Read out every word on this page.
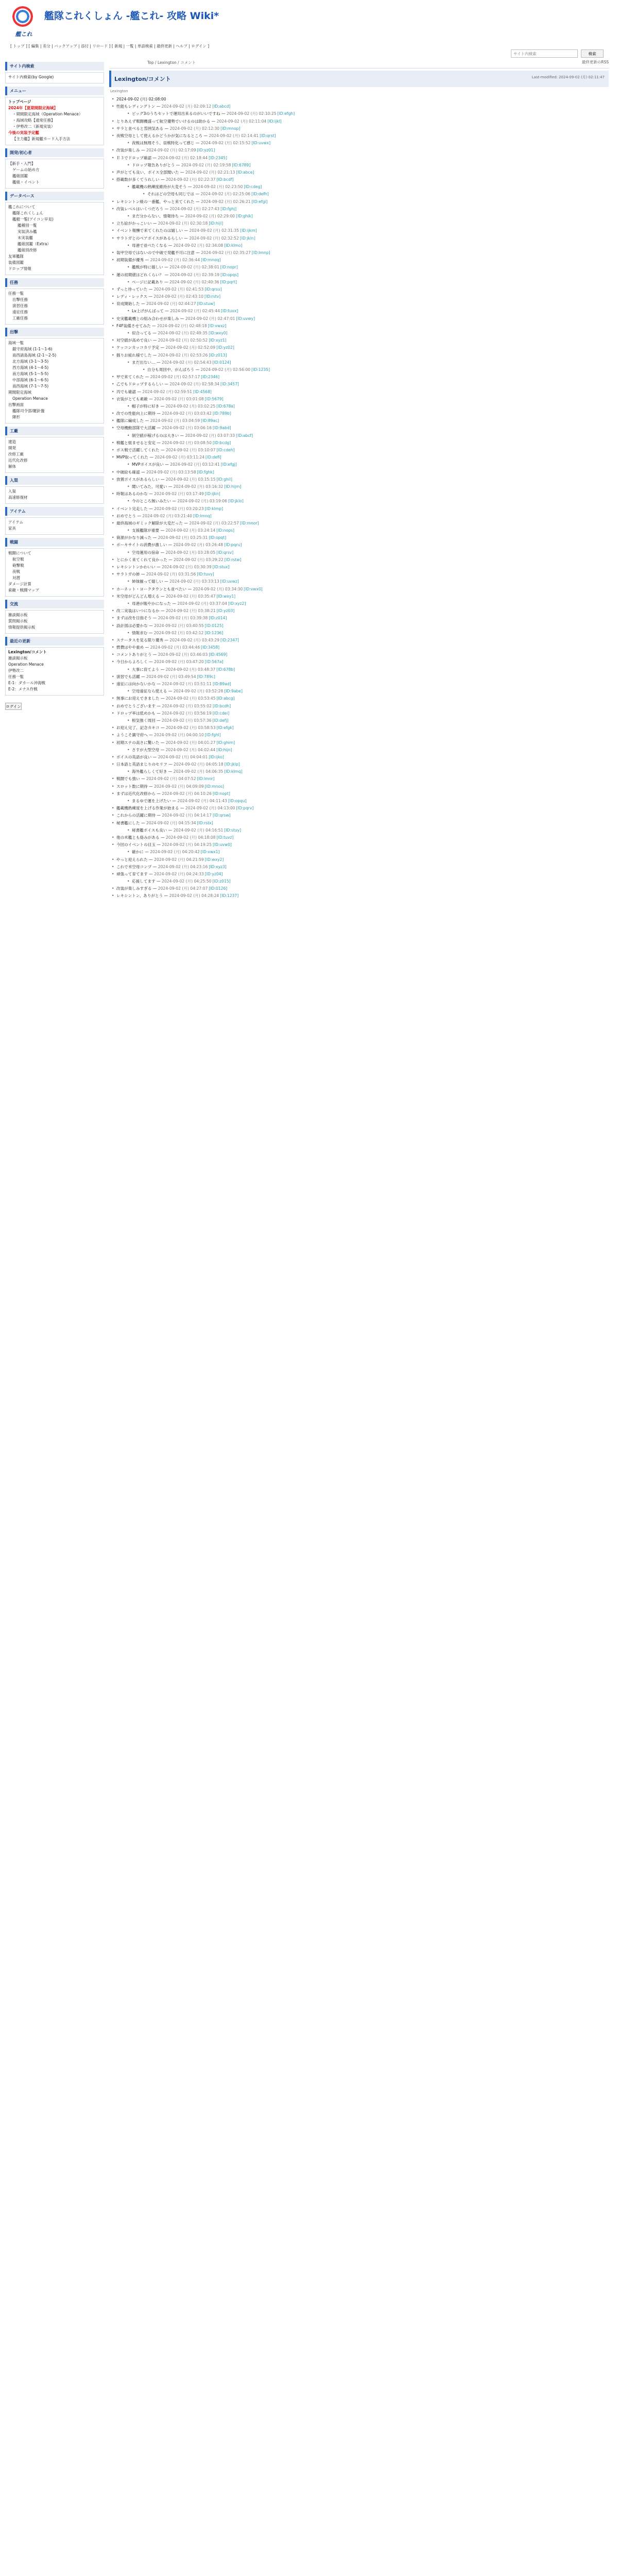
艦これ
艦隊これくしょん -艦これ- 攻略 Wiki*
[ トップ ] [ 編集 | 差分 | バックアップ | 添付 | リロード ] [ 新規 | 一覧 | 単語検索 | 最終更新 | ヘルプ | ログイン ]
サイト内検索
検索
サイト内検索
サイト内検索(by Google)
メニュー
トップページ
2024年【夏期間限定海域】
・期間限定海域（Operation Menace）
・海域攻略【通常任務】
・伊勢改二（新規実装）
今後の実装予定艦
【主力艦】新規艦カード入手方法
開発/初心者
【新手・入門】
ゲームの始め方
艦娘図鑑
艦娘・イベント
データベース
艦これについて
艦隊これくしょん
艦艇一覧(アイコン早見)
艦種別一覧
実装済み艦
未実装艦
艦娘図鑑（Extra）
艦娘別改修
友軍艦隊
装備図鑑
ドロップ情報
任務
任務一覧
出撃任務
演習任務
遠征任務
工廠任務
出撃
海域一覧
鎮守府海域 (1-1〜1-6)
南西諸島海域 (2-1〜2-5)
北方海域 (3-1〜3-5)
西方海域 (4-1〜4-5)
南方海域 (5-1〜5-5)
中部海域 (6-1〜6-5)
南西海域 (7-1〜7-5)
期間限定海域
Operation Menace
出撃画面
艦隊司令部/羅針盤
陣形
工廠
建造
開発
改修工廠
近代化改修
解体
入渠
入渠
高速修復材
アイテム
アイテム
家具
戦闘
戦闘について
航空戦
砲撃戦
夜戦
対潜
ダメージ計算
索敵・戦闘マップ
交流
雑談掲示板
質問掲示板
情報提供掲示板
最近の更新
Lexington/コメント
雑談掲示板
Operation Menace
伊勢改二
任務一覧
E-1：ダカール沖海戦
E-2：メナス作戦
ログイン
Top / Lexington / コメント	最終更新のRSS
Lexington/コメント	Last-modified: 2024-09-02 (月) 02:11:47
Lexington
• 2024-09-02 (月) 02:08:00
• 性能もレディングトン — 2024-09-02 (月) 02:09:12 [ID:abcd]
• ビッグ3のうちセットで運用出来るのがいいですね — 2024-09-02 (月) 02:10:25 [ID:efgh]
• とりあえず戦闘機盛って航空優勢でいけるのは助かる — 2024-09-02 (月) 02:11:04 [ID:ijkl]
• サラと並べると雰囲気ある — 2024-09-02 (月) 02:12:30 [ID:mnop]
• 夜戦空母として使えるかどうかが気になるところ — 2024-09-02 (月) 02:14:41 [ID:qrst]
• 夜戦は無理そう、昼戦特化って感じ — 2024-09-02 (月) 02:15:52 [ID:uvwx]
• 改装が楽しみ — 2024-09-02 (月) 02:17:09 [ID:yz01]
• Ｅ３でドロップ確認 — 2024-09-02 (月) 02:18:44 [ID:2345]
• ドロップ報告ありがとう — 2024-09-02 (月) 02:19:58 [ID:6789]
• 声がとても良い、ボイス全部聞いた — 2024-09-02 (月) 02:21:13 [ID:abce]
• 搭載数が多くてうれしい — 2024-09-02 (月) 02:22:37 [ID:bcdf]
• 艦載機の熟練度維持が大変そう — 2024-09-02 (月) 02:23:50 [ID:cdeg]
• それはどの空母も同じでは — 2024-09-02 (月) 02:25:06 [ID:defh]
• レキシントン級の一番艦、やっと来てくれた — 2024-09-02 (月) 02:26:21 [ID:efgi]
• 改装レベルはいくつだろう — 2024-09-02 (月) 02:27:43 [ID:fghj]
• まだ分からない、情報待ち — 2024-09-02 (月) 02:29:00 [ID:ghik]
• 立ち絵がかっこいい — 2024-09-02 (月) 02:30:18 [ID:hijl]
• イベント報酬で来てくれたのは嬉しい — 2024-09-02 (月) 02:31:35 [ID:ijkm]
• サラトガとのペアボイスがあるらしい — 2024-09-02 (月) 02:32:52 [ID:jkln]
• 母港で並べたくなる — 2024-09-02 (月) 02:34:08 [ID:klmo]
• 装甲空母ではないので中破で発艦不可に注意 — 2024-09-02 (月) 02:35:27 [ID:lmnp]
• 初期装備が優秀 — 2024-09-02 (月) 02:36:44 [ID:mnoq]
• 艦戦が特に嬉しい — 2024-09-02 (月) 02:38:01 [ID:nopr]
• 運の初期値はどれくらい？ — 2024-09-02 (月) 02:39:19 [ID:opqs]
• ページに記載あり — 2024-09-02 (月) 02:40:36 [ID:pqrt]
• ずっと待っていた — 2024-09-02 (月) 02:41:53 [ID:qrsu]
• レディ・レックス — 2024-09-02 (月) 02:43:10 [ID:rstv]
• 育成開始した — 2024-09-02 (月) 02:44:27 [ID:stuw]
• Lv上げがんばって — 2024-09-02 (月) 02:45:44 [ID:tuvx]
• 史実艦載機との組み合わせが楽しみ — 2024-09-02 (月) 02:47:01 [ID:uvwy]
• F4F装備させてみた — 2024-09-02 (月) 02:48:18 [ID:vwxz]
• 似合ってる — 2024-09-02 (月) 02:49:35 [ID:wxy0]
• 対空値が高めで良い — 2024-09-02 (月) 02:50:52 [ID:xyz1]
• ケッコンカッコカリ予定 — 2024-09-02 (月) 02:52:09 [ID:yz02]
• 掘りお疲れ様でした — 2024-09-02 (月) 02:53:26 [ID:z013]
• まだ出ない… — 2024-09-02 (月) 02:54:43 [ID:0124]
• 自分も周回中、がんばろう — 2024-09-02 (月) 02:56:00 [ID:1235]
• 甲で来てくれた — 2024-09-02 (月) 02:57:17 [ID:2346]
• 乙でもドロップするらしい — 2024-09-02 (月) 02:58:34 [ID:3457]
• 丙でも確認 — 2024-09-02 (月) 02:59:51 [ID:4568]
• 衣装がとても素敵 — 2024-09-02 (月) 03:01:08 [ID:5679]
• 帽子が特に好き — 2024-09-02 (月) 03:02:25 [ID:678a]
• 改での性能向上に期待 — 2024-09-02 (月) 03:03:42 [ID:789b]
• 艦隊に編成した — 2024-09-02 (月) 03:04:59 [ID:89ac]
• 空母機動部隊で大活躍 — 2024-09-02 (月) 03:06:16 [ID:9abd]
• 制空値が稼げるのは大きい — 2024-09-02 (月) 03:07:33 [ID:abcf]
• 戦艦と組ませると安定 — 2024-09-02 (月) 03:08:50 [ID:bcdg]
• ボス戦で活躍してくれた — 2024-09-02 (月) 03:10:07 [ID:cdeh]
• MVP取ってくれた — 2024-09-02 (月) 03:11:24 [ID:defi]
• MVPボイスが良い — 2024-09-02 (月) 03:12:41 [ID:efgj]
• 中破絵も確認 — 2024-09-02 (月) 03:13:58 [ID:fghk]
• 放置ボイスがあるらしい — 2024-09-02 (月) 03:15:15 [ID:ghil]
• 聞いてみた、可愛い — 2024-09-02 (月) 03:16:32 [ID:hijm]
• 時報はあるのかな — 2024-09-02 (月) 03:17:49 [ID:ijkn]
• 今のところ無いみたい — 2024-09-02 (月) 03:19:06 [ID:jklo]
• イベント完走した — 2024-09-02 (月) 03:20:23 [ID:klmp]
• おめでとう — 2024-09-02 (月) 03:21:40 [ID:lmnq]
• 最終海域のギミック解除が大変だった — 2024-09-02 (月) 03:22:57 [ID:mnor]
• 支援艦隊が重要 — 2024-09-02 (月) 03:24:14 [ID:nops]
• 資源がかなり減った — 2024-09-02 (月) 03:25:31 [ID:opqt]
• ボーキサイトの消費が激しい — 2024-09-02 (月) 03:26:48 [ID:pqru]
• 空母運用の宿命 — 2024-09-02 (月) 03:28:05 [ID:qrsv]
• とにかく来てくれて良かった — 2024-09-02 (月) 03:29:22 [ID:rstw]
• レキシントンかわいい — 2024-09-02 (月) 03:30:39 [ID:stux]
• サラトガの姉 — 2024-09-02 (月) 03:31:56 [ID:tuvy]
• 姉妹揃って嬉しい — 2024-09-02 (月) 03:33:13 [ID:uvwz]
• ホーネット・ヨークタウンとも並べたい — 2024-09-02 (月) 03:34:30 [ID:vwx0]
• 米空母がどんどん増える — 2024-09-02 (月) 03:35:47 [ID:wxy1]
• 母港が賑やかになった — 2024-09-02 (月) 03:37:04 [ID:xyz2]
• 改二実装はいつになるか — 2024-09-02 (月) 03:38:21 [ID:yz03]
• まずは改を目指そう — 2024-09-02 (月) 03:39:38 [ID:z014]
• 設計図は必要かな — 2024-09-02 (月) 03:40:55 [ID:0125]
• 情報求む — 2024-09-02 (月) 03:42:12 [ID:1236]
• ステータスを見る限り優秀 — 2024-09-02 (月) 03:43:29 [ID:2347]
• 燃費はやや重め — 2024-09-02 (月) 03:44:46 [ID:3458]
• コメントありがとう — 2024-09-02 (月) 03:46:03 [ID:4569]
• 今日からよろしく — 2024-09-02 (月) 03:47:20 [ID:567a]
• 大事に育てよう — 2024-09-02 (月) 03:48:37 [ID:678b]
• 演習でも活躍 — 2024-09-02 (月) 03:49:54 [ID:789c]
• 遠征には向かないかな — 2024-09-02 (月) 03:51:11 [ID:89ad]
• 空母遠征なら使える — 2024-09-02 (月) 03:52:28 [ID:9abe]
• 無事にお迎えできました — 2024-09-02 (月) 03:53:45 [ID:abcg]
• おめでとうございます — 2024-09-02 (月) 03:55:02 [ID:bcdh]
• ドロップ率は低めかも — 2024-09-02 (月) 03:56:19 [ID:cdei]
• 根気強く周回 — 2024-09-02 (月) 03:57:36 [ID:defj]
• お迎え完了、記念カキコ — 2024-09-02 (月) 03:58:53 [ID:efgk]
• ようこそ鎮守府へ — 2024-09-02 (月) 04:00:10 [ID:fghl]
• 初期ステの高さに驚いた — 2024-09-02 (月) 04:01:27 [ID:ghim]
• さすが大型空母 — 2024-09-02 (月) 04:02:44 [ID:hijn]
• ボイスの英語が良い — 2024-09-02 (月) 04:04:01 [ID:ijko]
• 日本語と英語まじりのセリフ — 2024-09-02 (月) 04:05:18 [ID:jklp]
• 海外艦らしくて好き — 2024-09-02 (月) 04:06:35 [ID:klmq]
• 戦闘でも強い — 2024-09-02 (月) 04:07:52 [ID:lmnr]
• スロット数に期待 — 2024-09-02 (月) 04:09:09 [ID:mnos]
• まずは近代化改修から — 2024-09-02 (月) 04:10:26 [ID:nopt]
• まるゆで運を上げたい — 2024-09-02 (月) 04:11:43 [ID:opqu]
• 艦載機熟練度を上げる作業が始まる — 2024-09-02 (月) 04:13:00 [ID:pqrv]
• これからの活躍に期待 — 2024-09-02 (月) 04:14:17 [ID:qrsw]
• 秘書艦にした — 2024-09-02 (月) 04:15:34 [ID:rstx]
• 秘書艦ボイスも良い — 2024-09-02 (月) 04:16:51 [ID:stuy]
• 他の米艦とも絡みがある — 2024-09-02 (月) 04:18:08 [ID:tuvz]
• 今回のイベントの目玉 — 2024-09-02 (月) 04:19:25 [ID:uvw0]
• 確かに — 2024-09-02 (月) 04:20:42 [ID:vwx1]
• やっと迎えられた — 2024-09-02 (月) 04:21:59 [ID:wxy2]
• これで米空母コンプ — 2024-09-02 (月) 04:23:16 [ID:xyz3]
• 頑張って育てます — 2024-09-02 (月) 04:24:33 [ID:yz04]
• 応援してます — 2024-09-02 (月) 04:25:50 [ID:z015]
• 改装が楽しみすぎる — 2024-09-02 (月) 04:27:07 [ID:0126]
• レキシントン、ありがとう — 2024-09-02 (月) 04:28:24 [ID:1237]
